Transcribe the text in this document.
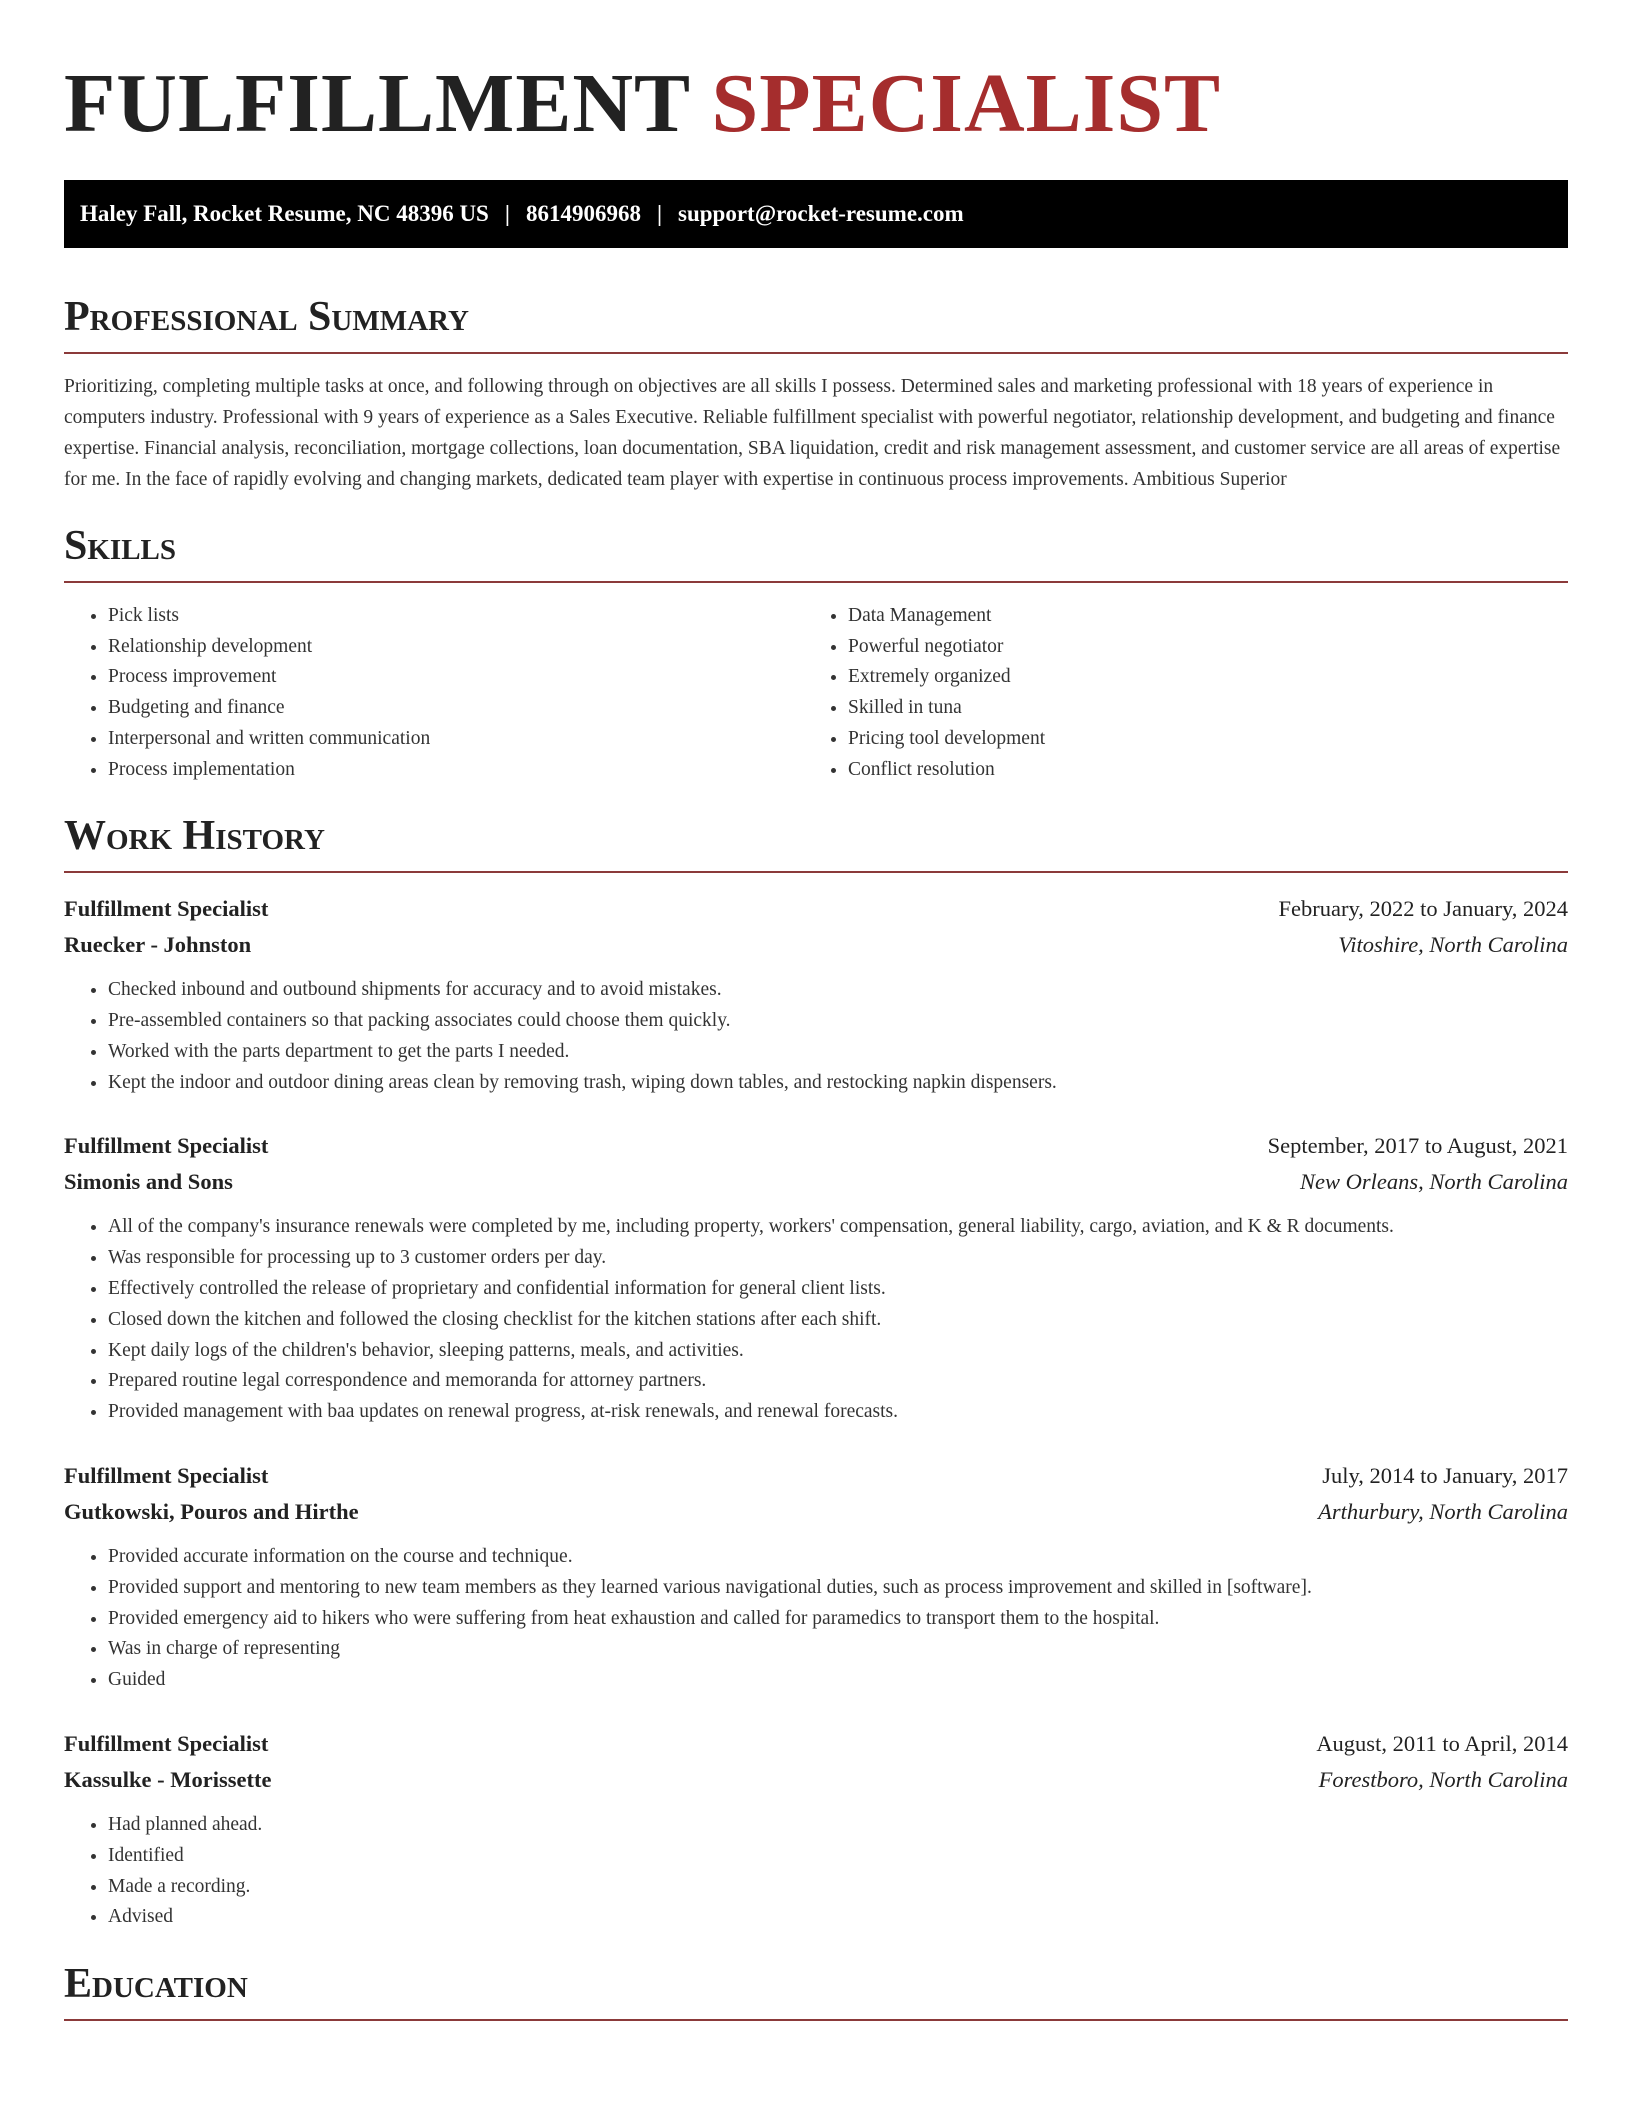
FULFILLMENT SPECIALIST
Haley Fall, Rocket Resume, NC 48396 US | 8614906968 | support@rocket-resume.com
Professional Summary

Prioritizing, completing multiple tasks at once, and following through on objectives are all skills I possess. Determined sales and marketing professional with 18 years of experience in computers industry. Professional with 9 years of experience as a Sales Executive. Reliable fulfillment specialist with powerful negotiator, relationship development, and budgeting and finance expertise. Financial analysis, reconciliation, mortgage collections, loan documentation, SBA liquidation, credit and risk management assessment, and customer service are all areas of expertise for me. In the face of rapidly evolving and changing markets, dedicated team player with expertise in continuous process improvements. Ambitious Superior

Skills
• Pick lists
• Relationship development
• Process improvement
• Budgeting and finance
• Interpersonal and written communication
• Process implementation
• Data Management
• Powerful negotiator
• Extremely organized
• Skilled in tuna
• Pricing tool development
• Conflict resolution
Work History
Fulfillment Specialist	February, 2022 to January, 2024
Ruecker - Johnston	Vitoshire, North Carolina
• Checked inbound and outbound shipments for accuracy and to avoid mistakes.
• Pre-assembled containers so that packing associates could choose them quickly.
• Worked with the parts department to get the parts I needed.
• Kept the indoor and outdoor dining areas clean by removing trash, wiping down tables, and restocking napkin dispensers.
Fulfillment Specialist	September, 2017 to August, 2021
Simonis and Sons	New Orleans, North Carolina
• All of the company's insurance renewals were completed by me, including property, workers' compensation, general liability, cargo, aviation, and K & R documents.
• Was responsible for processing up to 3 customer orders per day.
• Effectively controlled the release of proprietary and confidential information for general client lists.
• Closed down the kitchen and followed the closing checklist for the kitchen stations after each shift.
• Kept daily logs of the children's behavior, sleeping patterns, meals, and activities.
• Prepared routine legal correspondence and memoranda for attorney partners.
• Provided management with baa updates on renewal progress, at-risk renewals, and renewal forecasts.
Fulfillment Specialist	July, 2014 to January, 2017
Gutkowski, Pouros and Hirthe	Arthurbury, North Carolina
• Provided accurate information on the course and technique.
• Provided support and mentoring to new team members as they learned various navigational duties, such as process improvement and skilled in [software].
• Provided emergency aid to hikers who were suffering from heat exhaustion and called for paramedics to transport them to the hospital.
• Was in charge of representing
• Guided
Fulfillment Specialist	August, 2011 to April, 2014
Kassulke - Morissette	Forestboro, North Carolina
• Had planned ahead.
• Identified
• Made a recording.
• Advised
Education
